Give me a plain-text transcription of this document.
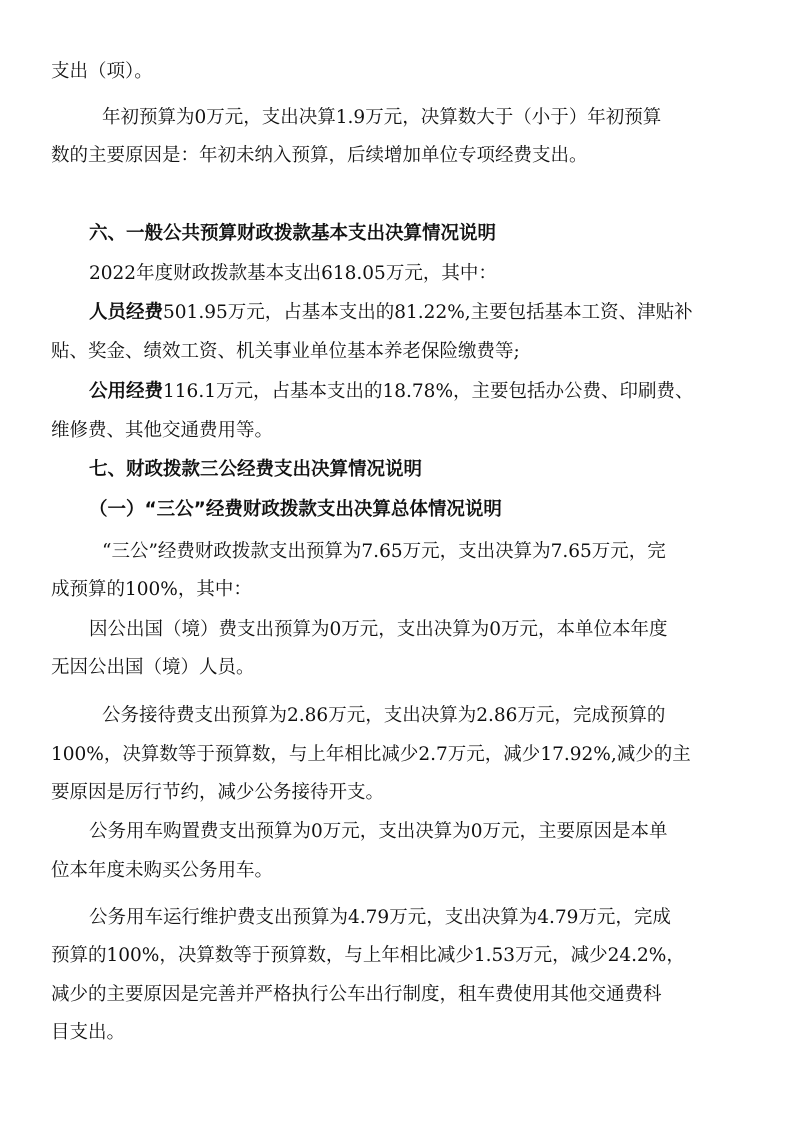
支出（项）。
年初预算为0万元，支出决算1.9万元，决算数大于（小于）年初预算
数的主要原因是：年初未纳入预算，后续增加单位专项经费支出。
六、一般公共预算财政拨款基本支出决算情况说明
2022年度财政拨款基本支出618.05万元，其中：
人员经费501.95万元，占基本支出的81.22%,主要包括基本工资、津贴补
贴、奖金、绩效工资、机关事业单位基本养老保险缴费等;
公用经费116.1万元，占基本支出的18.78%，主要包括办公费、印刷费、
维修费、其他交通费用等。
七、财政拨款三公经费支出决算情况说明
（一）“三公”经费财政拨款支出决算总体情况说明
“三公”经费财政拨款支出预算为7.65万元，支出决算为7.65万元，完
成预算的100%，其中：
因公出国（境）费支出预算为0万元，支出决算为0万元，本单位本年度
无因公出国（境）人员。
公务接待费支出预算为2.86万元，支出决算为2.86万元，完成预算的
100%，决算数等于预算数，与上年相比减少2.7万元，减少17.92%,减少的主
要原因是厉行节约，减少公务接待开支。
公务用车购置费支出预算为0万元，支出决算为0万元，主要原因是本单
位本年度未购买公务用车。
公务用车运行维护费支出预算为4.79万元，支出决算为4.79万元，完成
预算的100%，决算数等于预算数，与上年相比减少1.53万元，减少24.2%，
减少的主要原因是完善并严格执行公车出行制度，租车费使用其他交通费科
目支出。
